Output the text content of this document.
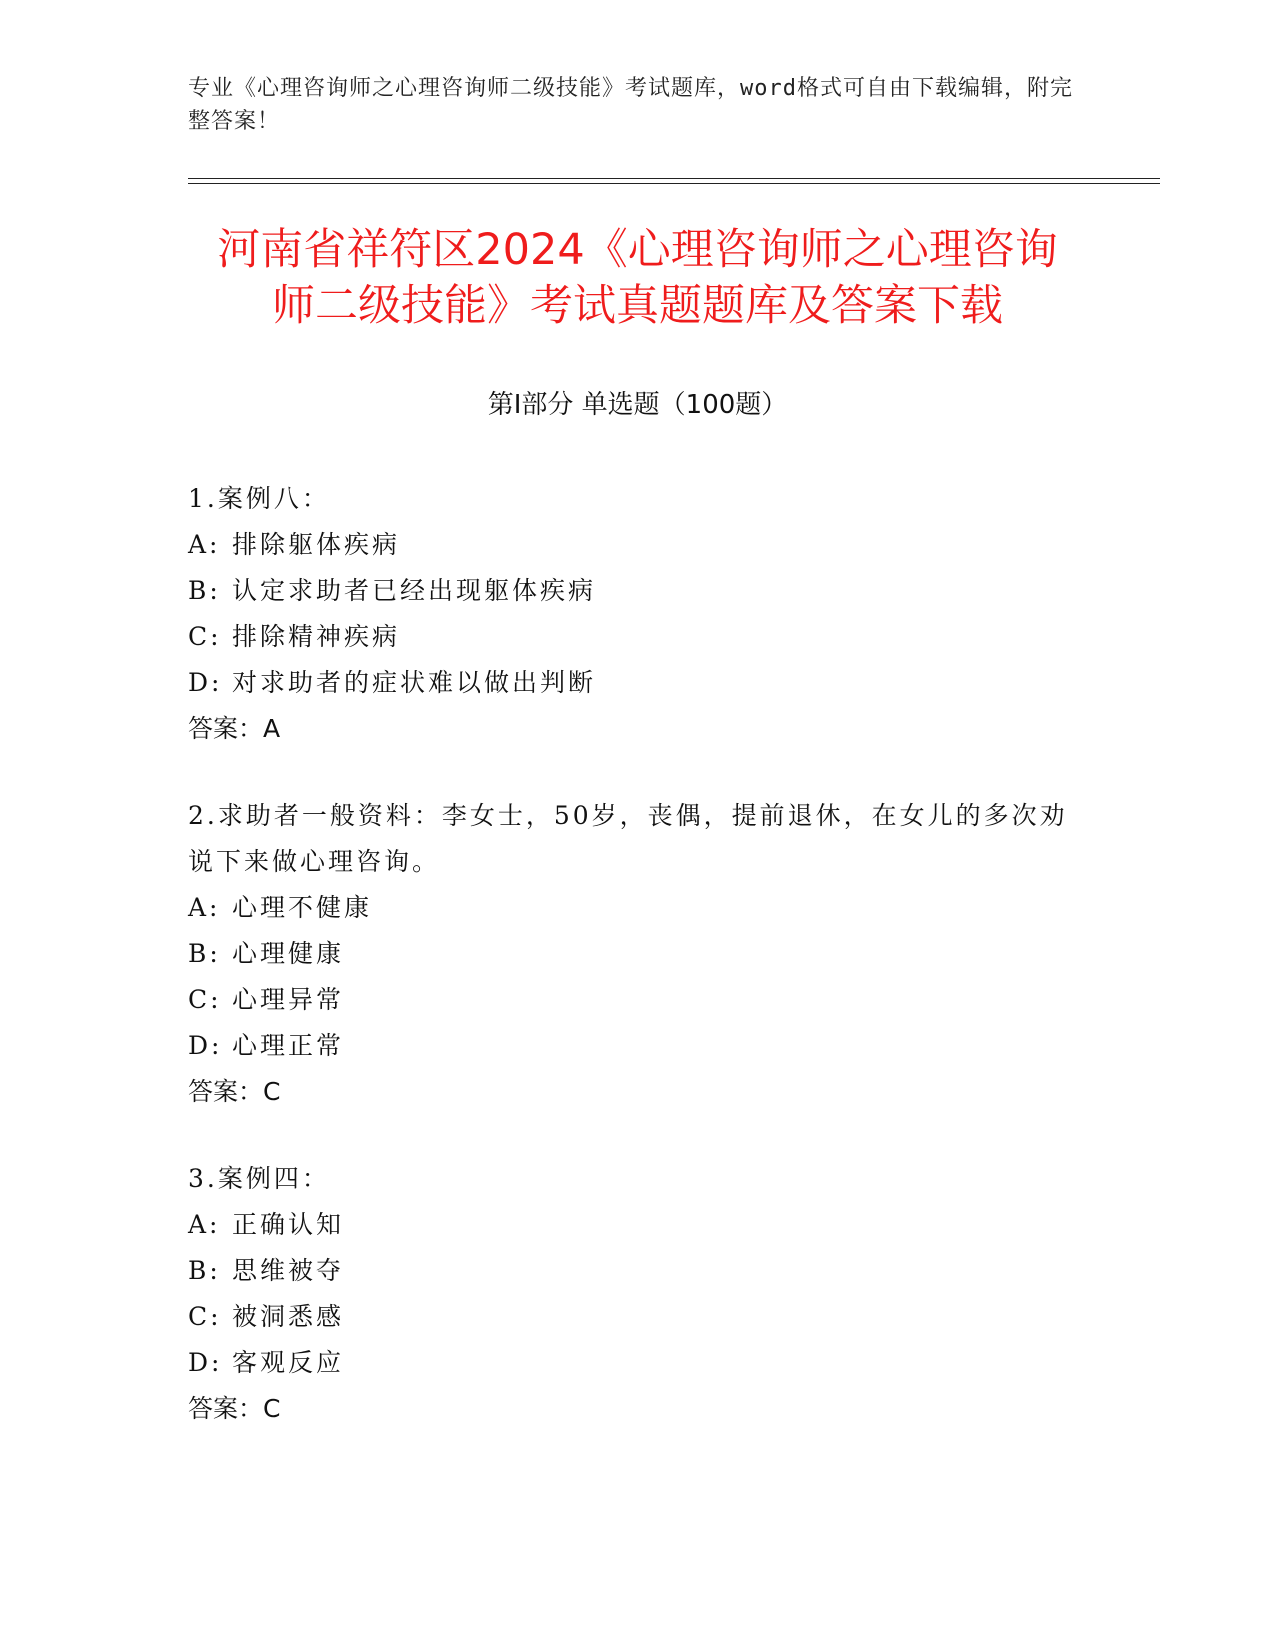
专业《心理咨询师之心理咨询师二级技能》考试题库，word格式可自由下载编辑，附完整答案！
河南省祥符区2024《心理咨询师之心理咨询
师二级技能》考试真题题库及答案下载
第Ⅰ部分 单选题（100题）
1.案例八：
A: 排除躯体疾病
B: 认定求助者已经出现躯体疾病
C: 排除精神疾病
D: 对求助者的症状难以做出判断
答案：A
2.求助者一般资料：李女士，50岁，丧偶，提前退休，在女儿的多次劝说下来做心理咨询。
A: 心理不健康
B: 心理健康
C: 心理异常
D: 心理正常
答案：C
3.案例四：
A: 正确认知
B: 思维被夺
C: 被洞悉感
D: 客观反应
答案：C
